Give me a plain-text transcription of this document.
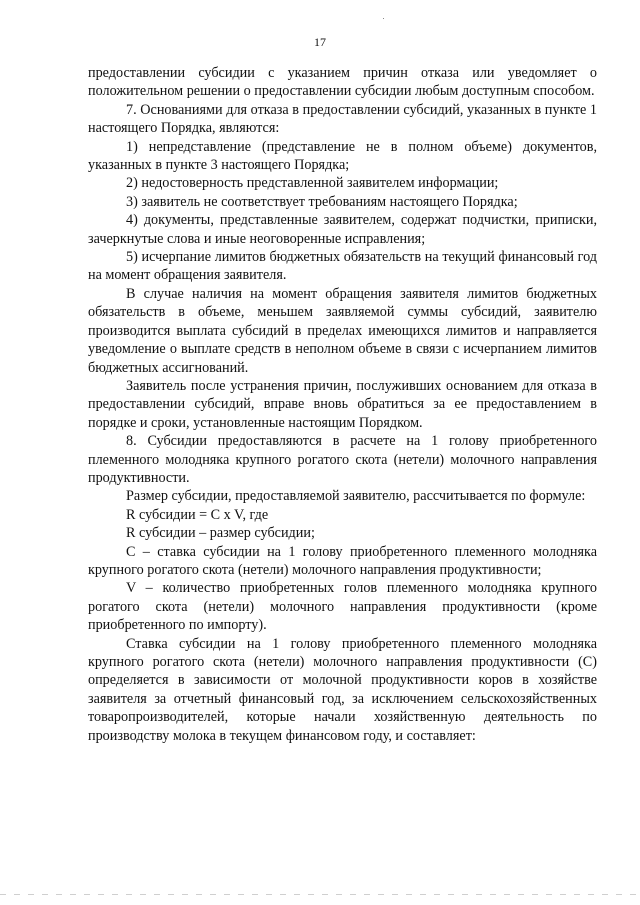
17

предоставлении субсидии с указанием причин отказа или уведомляет о положительном решении о предоставлении субсидии любым доступным способом.

7. Основаниями для отказа в предоставлении субсидий, указанных в пункте 1 настоящего Порядка, являются:

1) непредставление (представление не в полном объеме) документов, указанных в пункте 3 настоящего Порядка;

2) недостоверность представленной заявителем информации;

3) заявитель не соответствует требованиям настоящего Порядка;

4) документы, представленные заявителем, содержат подчистки, приписки, зачеркнутые слова и иные неоговоренные исправления;

5) исчерпание лимитов бюджетных обязательств на текущий финансовый год на момент обращения заявителя.

В случае наличия на момент обращения заявителя лимитов бюджетных обязательств в объеме, меньшем заявляемой суммы субсидий, заявителю производится выплата субсидий в пределах имеющихся лимитов и направляется уведомление о выплате средств в неполном объеме в связи с исчерпанием лимитов бюджетных ассигнований.

Заявитель после устранения причин, послуживших основанием для отказа в предоставлении субсидий, вправе вновь обратиться за ее предоставлением в порядке и сроки, установленные настоящим Порядком.

8. Субсидии предоставляются в расчете на 1 голову приобретенного племенного молодняка крупного рогатого скота (нетели) молочного направления продуктивности.

Размер субсидии, предоставляемой заявителю, рассчитывается по формуле:

R субсидии = C x V, где

R субсидии – размер субсидии;

C – ставка субсидии на 1 голову приобретенного племенного молодняка крупного рогатого скота (нетели) молочного направления продуктивности;

V – количество приобретенных голов племенного молодняка крупного рогатого скота (нетели) молочного направления продуктивности (кроме приобретенного по импорту).

Ставка субсидии на 1 голову приобретенного племенного молодняка крупного рогатого скота (нетели) молочного направления продуктивности (C) определяется в зависимости от молочной продуктивности коров в хозяйстве заявителя за отчетный финансовый год, за исключением сельскохозяйственных товаропроизводителей, которые начали хозяйственную деятельность по производству молока в текущем финансовом году, и составляет:
